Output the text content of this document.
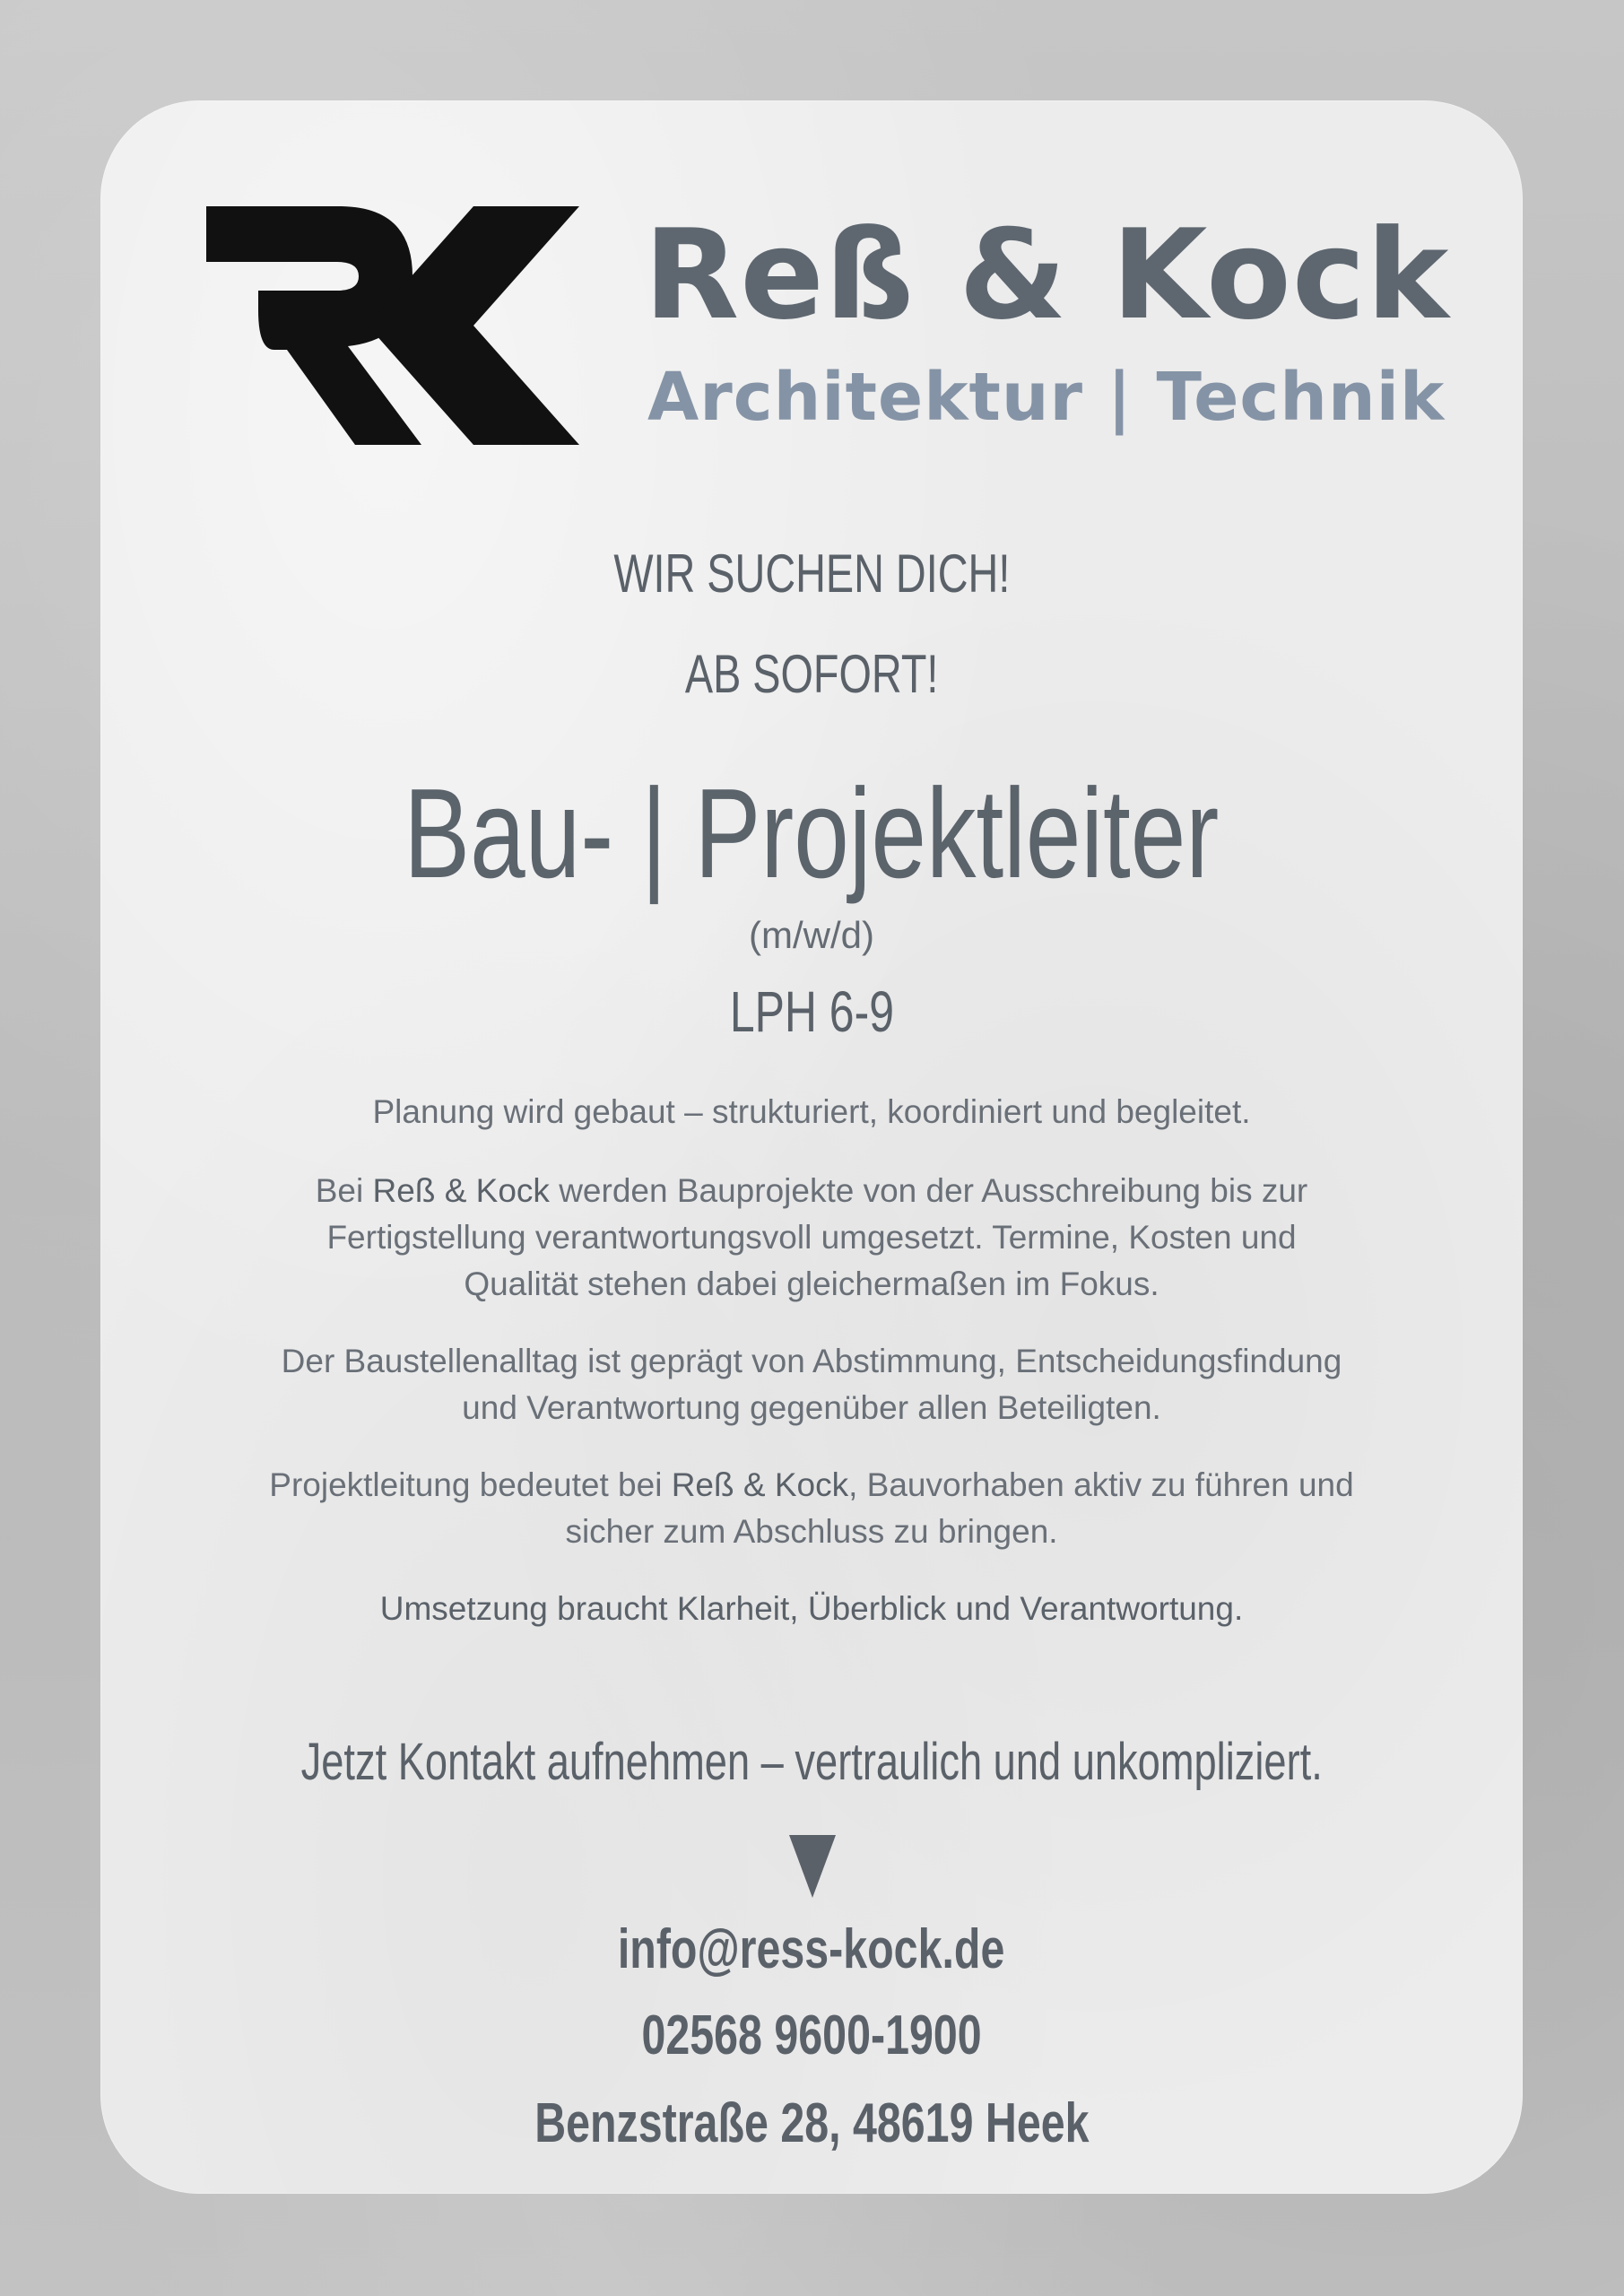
Reß & Kock
Architektur | Technik
WIR SUCHEN DICH!
AB SOFORT!
Bau- | Projektleiter
(m/w/d)
LPH 6-9
Planung wird gebaut – strukturiert, koordiniert und begleitet.
Bei Reß & Kock werden Bauprojekte von der Ausschreibung bis zur
Fertigstellung verantwortungsvoll umgesetzt. Termine, Kosten und
Qualität stehen dabei gleichermaßen im Fokus.
Der Baustellenalltag ist geprägt von Abstimmung, Entscheidungsfindung
und Verantwortung gegenüber allen Beteiligten.
Projektleitung bedeutet bei Reß & Kock, Bauvorhaben aktiv zu führen und
sicher zum Abschluss zu bringen.
Umsetzung braucht Klarheit, Überblick und Verantwortung.
Jetzt Kontakt aufnehmen – vertraulich und unkompliziert.
info@ress-kock.de
02568 9600-1900
Benzstraße 28, 48619 Heek
